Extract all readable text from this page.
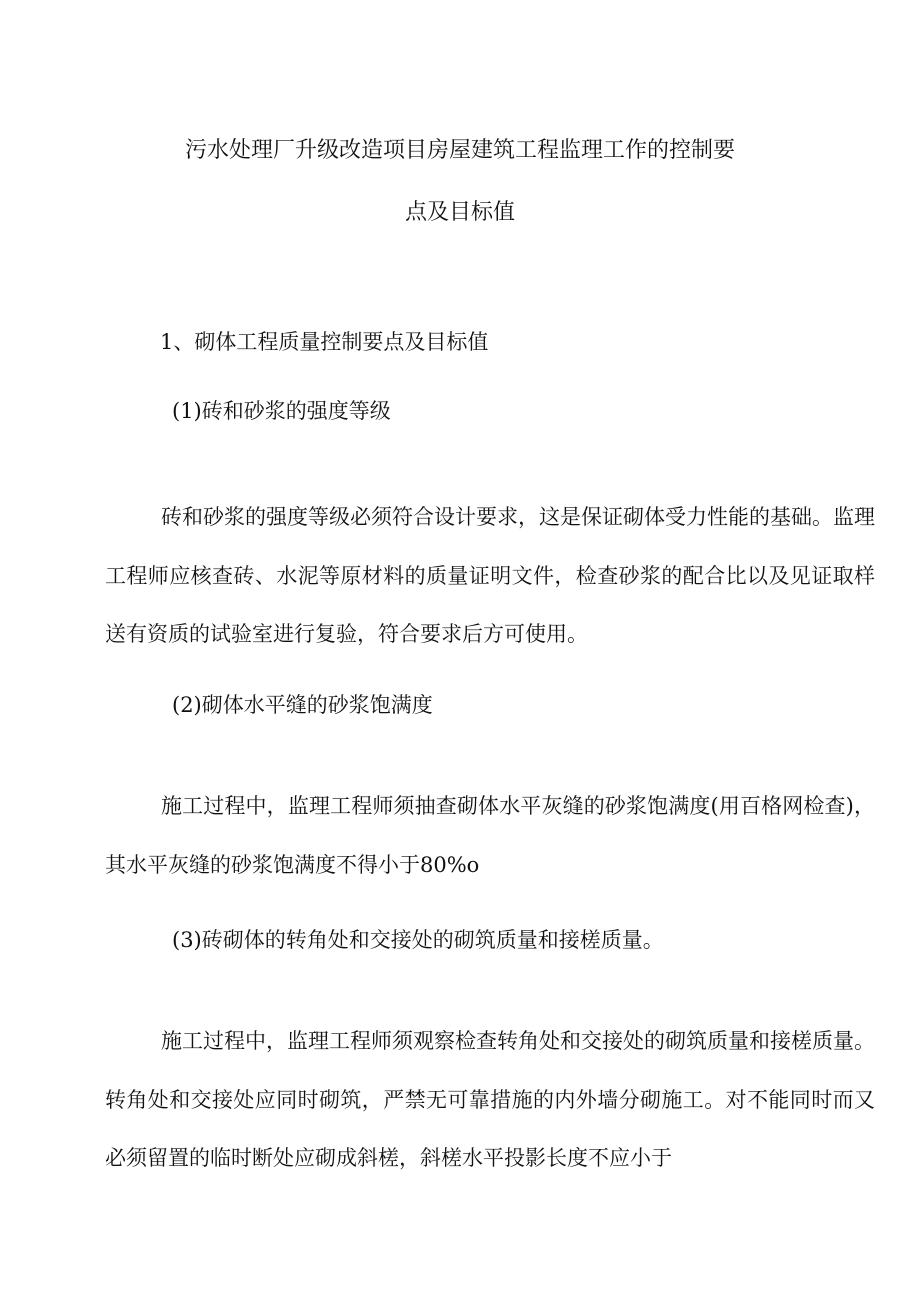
污水处理厂升级改造项目房屋建筑工程监理工作的控制要
点及目标值
1、砌体工程质量控制要点及目标值
(1)砖和砂浆的强度等级
砖和砂浆的强度等级必须符合设计要求，这是保证砌体受力性能的基础。监理工程师应核查砖、水泥等原材料的质量证明文件，检查砂浆的配合比以及见证取样送有资质的试验室进行复验，符合要求后方可使用。
(2)砌体水平缝的砂浆饱满度
施工过程中，监理工程师须抽查砌体水平灰缝的砂浆饱满度(用百格网检查)，其水平灰缝的砂浆饱满度不得小于80%o
(3)砖砌体的转角处和交接处的砌筑质量和接槎质量。
施工过程中，监理工程师须观察检查转角处和交接处的砌筑质量和接槎质量。转角处和交接处应同时砌筑，严禁无可靠措施的内外墙分砌施工。对不能同时而又必须留置的临时断处应砌成斜槎，斜槎水平投影长度不应小于
